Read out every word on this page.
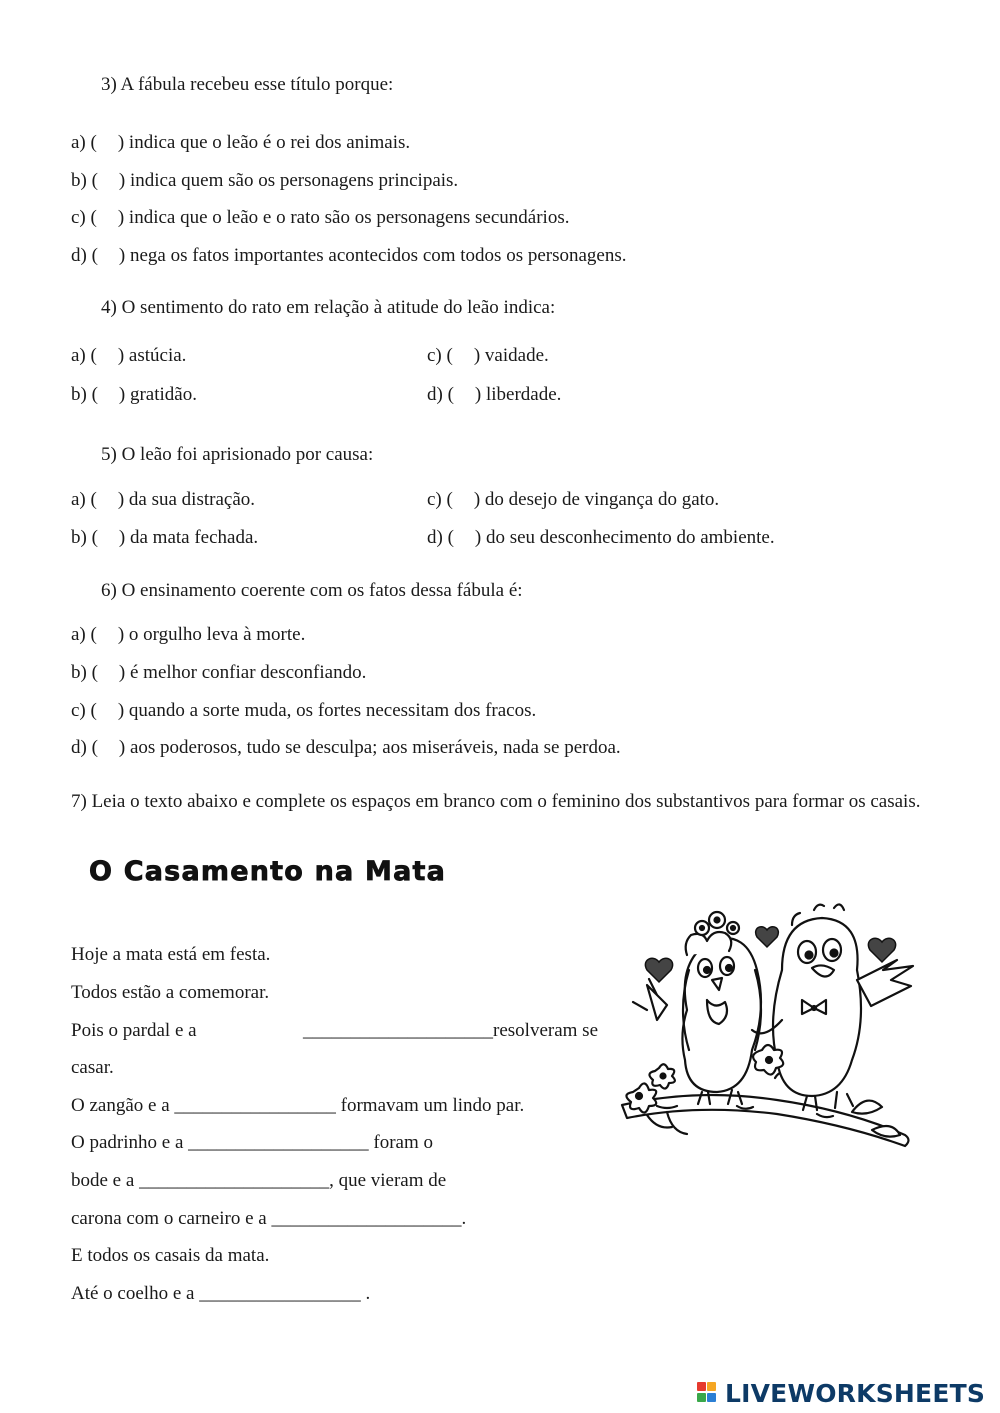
3) A fábula recebeu esse título porque:
a) ( ) indica que o leão é o rei dos animais.
b) ( ) indica quem são os personagens principais.
c) ( ) indica que o leão e o rato são os personagens secundários.
d) ( ) nega os fatos importantes acontecidos com todos os personagens.
4) O sentimento do rato em relação à atitude do leão indica:
a) ( ) astúcia.
b) ( ) gratidão.
c) ( ) vaidade.
d) ( ) liberdade.
5) O leão foi aprisionado por causa:
a) ( ) da sua distração.
b) ( ) da mata fechada.
c) ( ) do desejo de vingança do gato.
d) ( ) do seu desconhecimento do ambiente.
6) O ensinamento coerente com os fatos dessa fábula é:
a) ( ) o orgulho leva à morte.
b) ( ) é melhor confiar desconfiando.
c) ( ) quando a sorte muda, os fortes necessitam dos fracos.
d) ( ) aos poderosos, tudo se desculpa; aos miseráveis, nada se perdoa.
7) Leia o texto abaixo e complete os espaços em branco com o feminino dos substantivos para formar os casais.
O Casamento na Mata
Hoje a mata está em festa.
Todos estão a comemorar.
Pois o pardal e a	____________________resolveram se
casar.
O zangão e a _________________ formavam um lindo par.
O padrinho e a ___________________ foram o
bode e a ____________________, que vieram de
carona com o carneiro e a ____________________.
E todos os casais da mata.
Até o coelho e a _________________ .
LIVEWORKSHEETS
